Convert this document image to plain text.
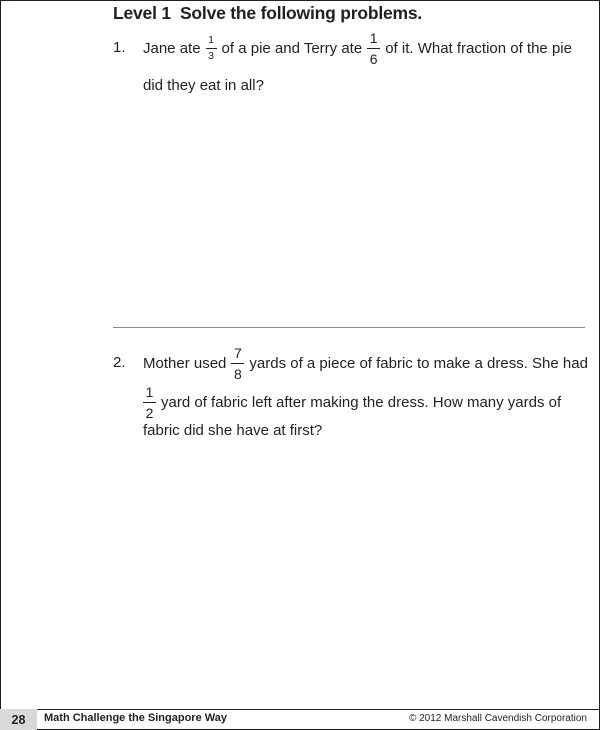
Level 1 Solve the following problems.
1. Jane ate $\frac{1}{3}$ of a pie and Terry ate $\frac{1}{6}$ of it. What fraction of the pie
did they eat in all?
2. Mother used $\frac{7}{8}$ yards of a piece of fabric to make a dress. She had
$\frac{1}{2}$ yard of fabric left after making the dress. How many yards of
fabric did she have at first?
28	Math Challenge the Singapore Way	© 2012 Marshall Cavendish Corporation
